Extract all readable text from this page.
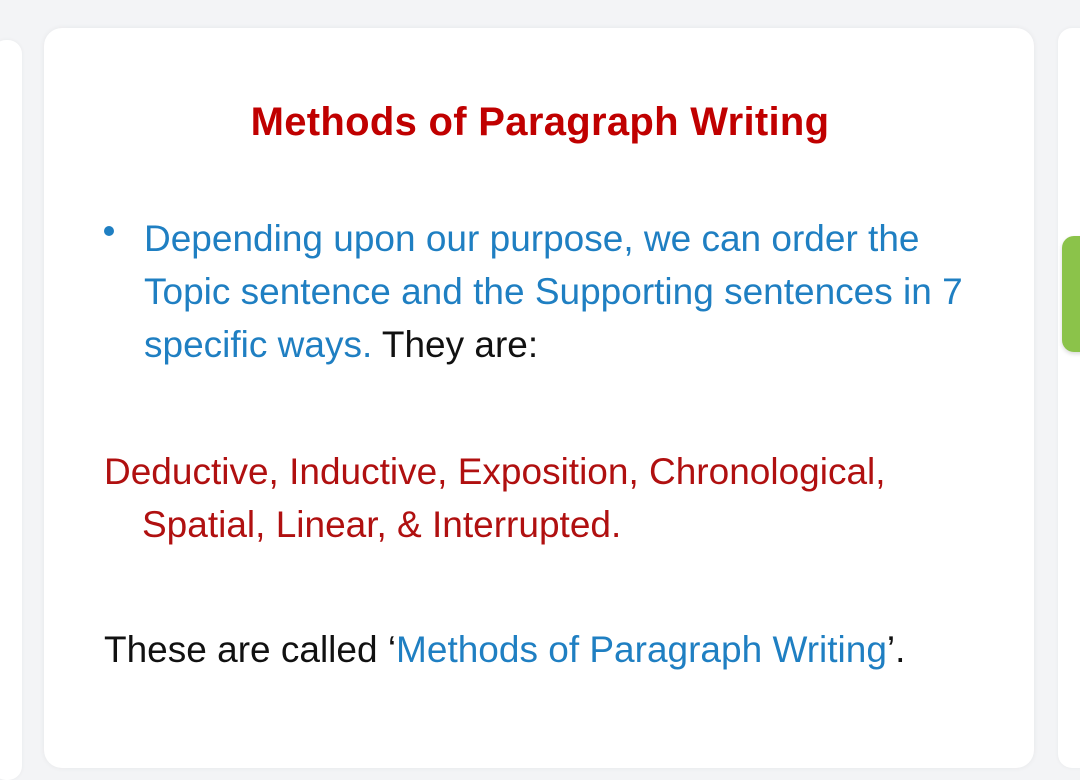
Methods of Paragraph Writing
Depending upon our purpose, we can order the Topic sentence and the Supporting sentences in 7 specific ways. They are:
Deductive, Inductive, Exposition, Chronological,
Spatial, Linear, & Interrupted.
These are called ‘Methods of Paragraph Writing’.
